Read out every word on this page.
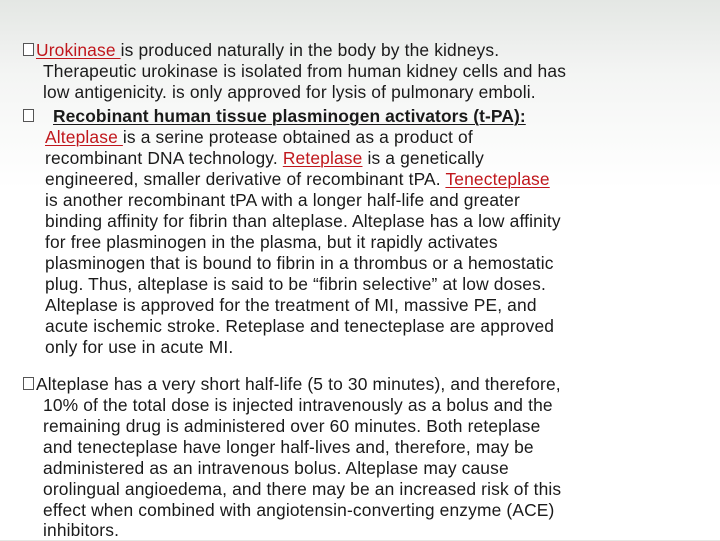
Urokinase is produced naturally in the body by the kidneys.
Therapeutic urokinase is isolated from human kidney cells and has
low antigenicity. is only approved for lysis of pulmonary emboli.
Recobinant human tissue plasminogen activators (t-PA):
Alteplase is a serine protease obtained as a product of
recombinant DNA technology. Reteplase is a genetically
engineered, smaller derivative of recombinant tPA. Tenecteplase
is another recombinant tPA with a longer half-life and greater
binding affinity for fibrin than alteplase. Alteplase has a low affinity
for free plasminogen in the plasma, but it rapidly activates
plasminogen that is bound to fibrin in a thrombus or a hemostatic
plug. Thus, alteplase is said to be “fibrin selective” at low doses.
Alteplase is approved for the treatment of MI, massive PE, and
acute ischemic stroke. Reteplase and tenecteplase are approved
only for use in acute MI.
Alteplase has a very short half-life (5 to 30 minutes), and therefore,
10% of the total dose is injected intravenously as a bolus and the
remaining drug is administered over 60 minutes. Both reteplase
and tenecteplase have longer half-lives and, therefore, may be
administered as an intravenous bolus. Alteplase may cause
orolingual angioedema, and there may be an increased risk of this
effect when combined with angiotensin-converting enzyme (ACE)
inhibitors.
